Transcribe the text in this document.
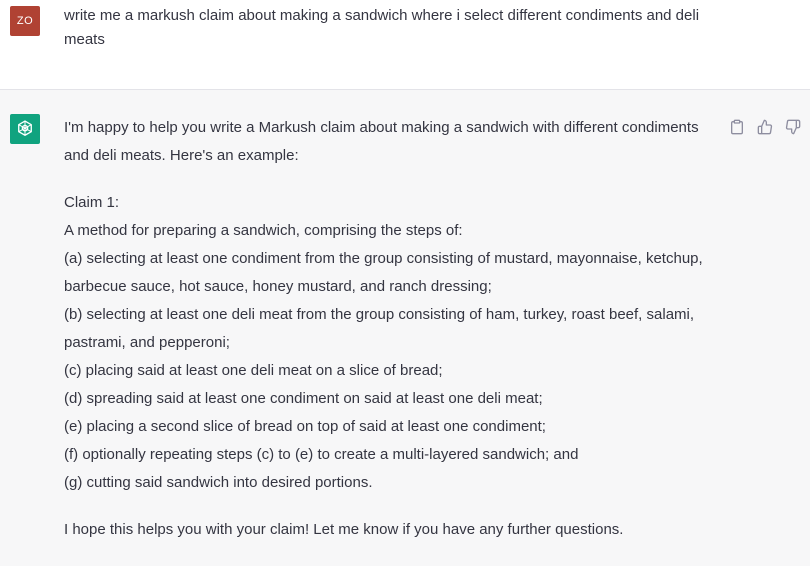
ZO	write me a markush claim about making a sandwich where i select different condiments and deli meats

I'm happy to help you write a Markush claim about making a sandwich with different condiments and deli meats. Here's an example:

Claim 1:

A method for preparing a sandwich, comprising the steps of:

(a) selecting at least one condiment from the group consisting of mustard, mayonnaise, ketchup, barbecue sauce, hot sauce, honey mustard, and ranch dressing;

(b) selecting at least one deli meat from the group consisting of ham, turkey, roast beef, salami, pastrami, and pepperoni;

(c) placing said at least one deli meat on a slice of bread;

(d) spreading said at least one condiment on said at least one deli meat;

(e) placing a second slice of bread on top of said at least one condiment;

(f) optionally repeating steps (c) to (e) to create a multi-layered sandwich; and

(g) cutting said sandwich into desired portions.

I hope this helps you with your claim! Let me know if you have any further questions.
